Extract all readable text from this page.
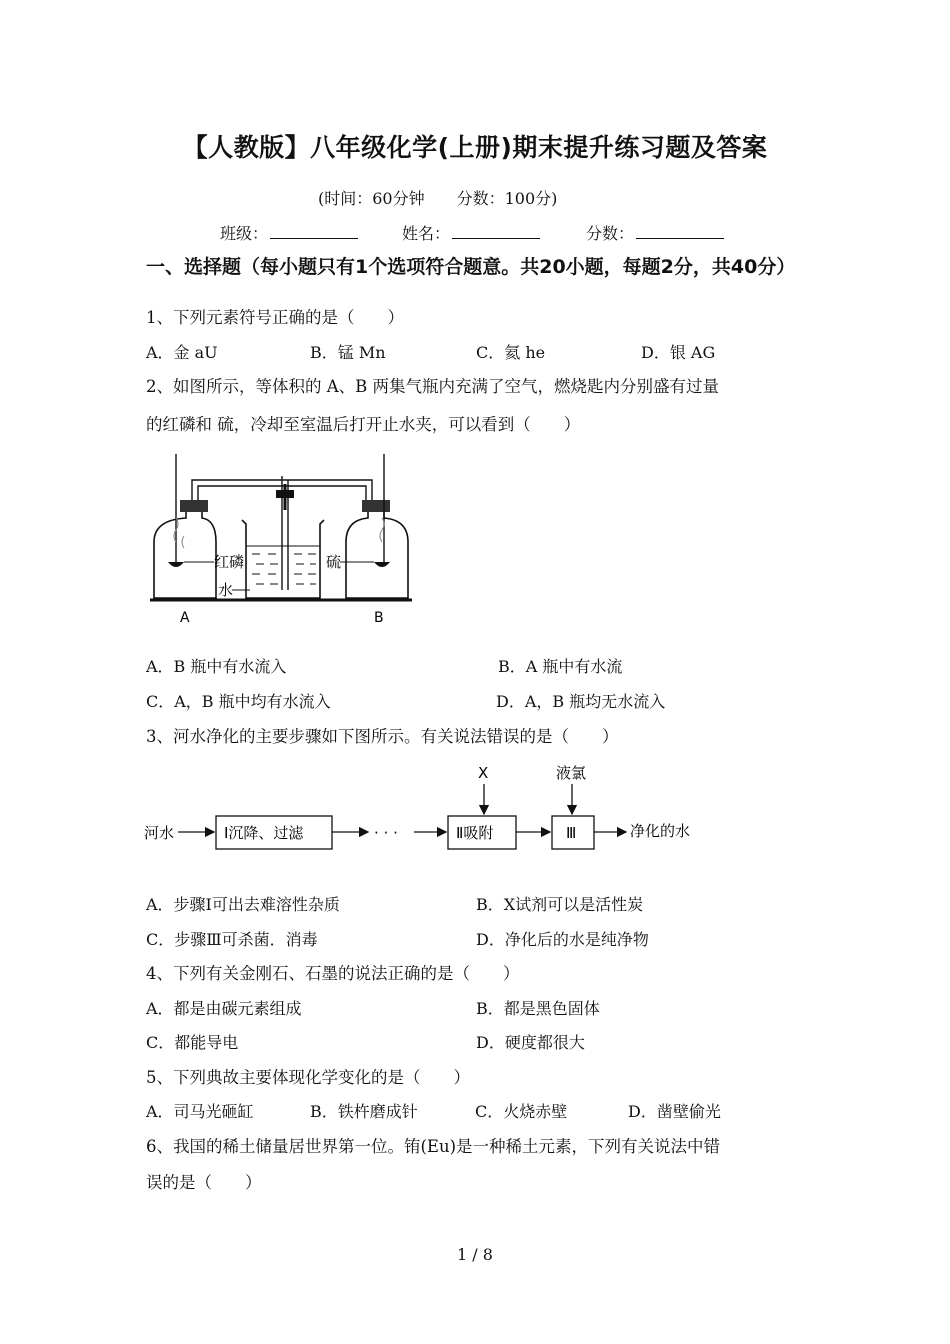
【人教版】八年级化学(上册)期末提升练习题及答案
(时间：60分钟　　分数：100分)
班级：	姓名：	分数：
一、选择题（每小题只有1个选项符合题意。共20小题，每题2分，共40分）
1、下列元素符号正确的是（　　）
A．金 aU	B．锰 Mn	C．氦 he	D．银 AG
2、如图所示，等体积的 A、B 两集气瓶内充满了空气，燃烧匙内分别盛有过量
的红磷和 硫，冷却至室温后打开止水夹，可以看到（　　）
红磷
水
硫
A	B
A．B 瓶中有水流入	B．A 瓶中有水流
C．A，B 瓶中均有水流入	D．A，B 瓶均无水流入
3、河水净化的主要步骤如下图所示。有关说法错误的是（　　）
河水	Ⅰ沉降、过滤	· · ·	Ⅱ吸附
X
Ⅲ
液氯
净化的水
A．步骤Ⅰ可出去难溶性杂质	B．X试剂可以是活性炭
C．步骤Ⅲ可杀菌．消毒	D．净化后的水是纯净物
4、下列有关金刚石、石墨的说法正确的是（　　）
A．都是由碳元素组成	B．都是黑色固体
C．都能导电	D．硬度都很大
5、下列典故主要体现化学变化的是（　　）
A．司马光砸缸	B．铁杵磨成针	C．火烧赤壁	D．凿壁偷光
6、我国的稀土储量居世界第一位。铕(Eu)是一种稀土元素，下列有关说法中错
误的是（　　）
1 / 8
